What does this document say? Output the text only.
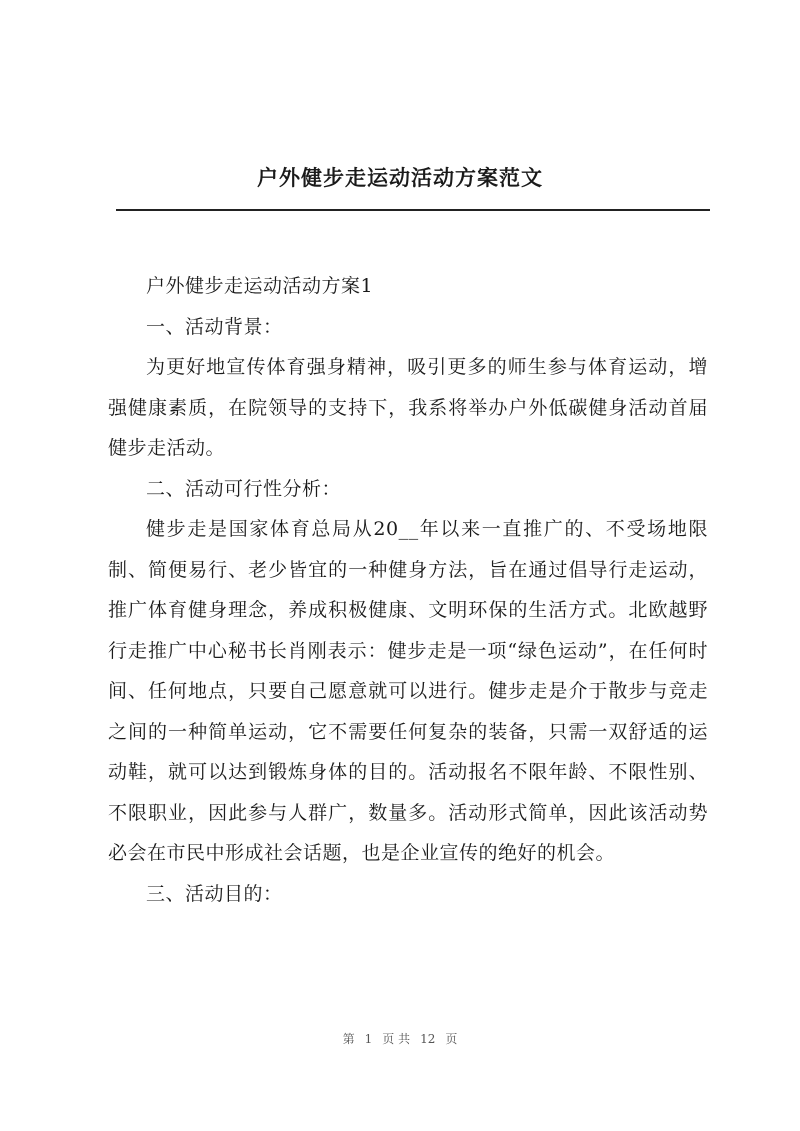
户外健步走运动活动方案范文

户外健步走运动活动方案1

一、活动背景：

为更好地宣传体育强身精神，吸引更多的师生参与体育运动，增强健康素质，在院领导的支持下，我系将举办户外低碳健身活动首届健步走活动。

二、活动可行性分析：

健步走是国家体育总局从20__年以来一直推广的、不受场地限制、简便易行、老少皆宜的一种健身方法，旨在通过倡导行走运动，推广体育健身理念，养成积极健康、文明环保的生活方式。北欧越野行走推广中心秘书长肖刚表示：健步走是一项“绿色运动”，在任何时间、任何地点，只要自己愿意就可以进行。健步走是介于散步与竞走之间的一种简单运动，它不需要任何复杂的装备，只需一双舒适的运动鞋，就可以达到锻炼身体的目的。活动报名不限年龄、不限性别、不限职业，因此参与人群广，数量多。活动形式简单，因此该活动势必会在市民中形成社会话题，也是企业宣传的绝好的机会。

三、活动目的：

第 1 页 共 12 页
